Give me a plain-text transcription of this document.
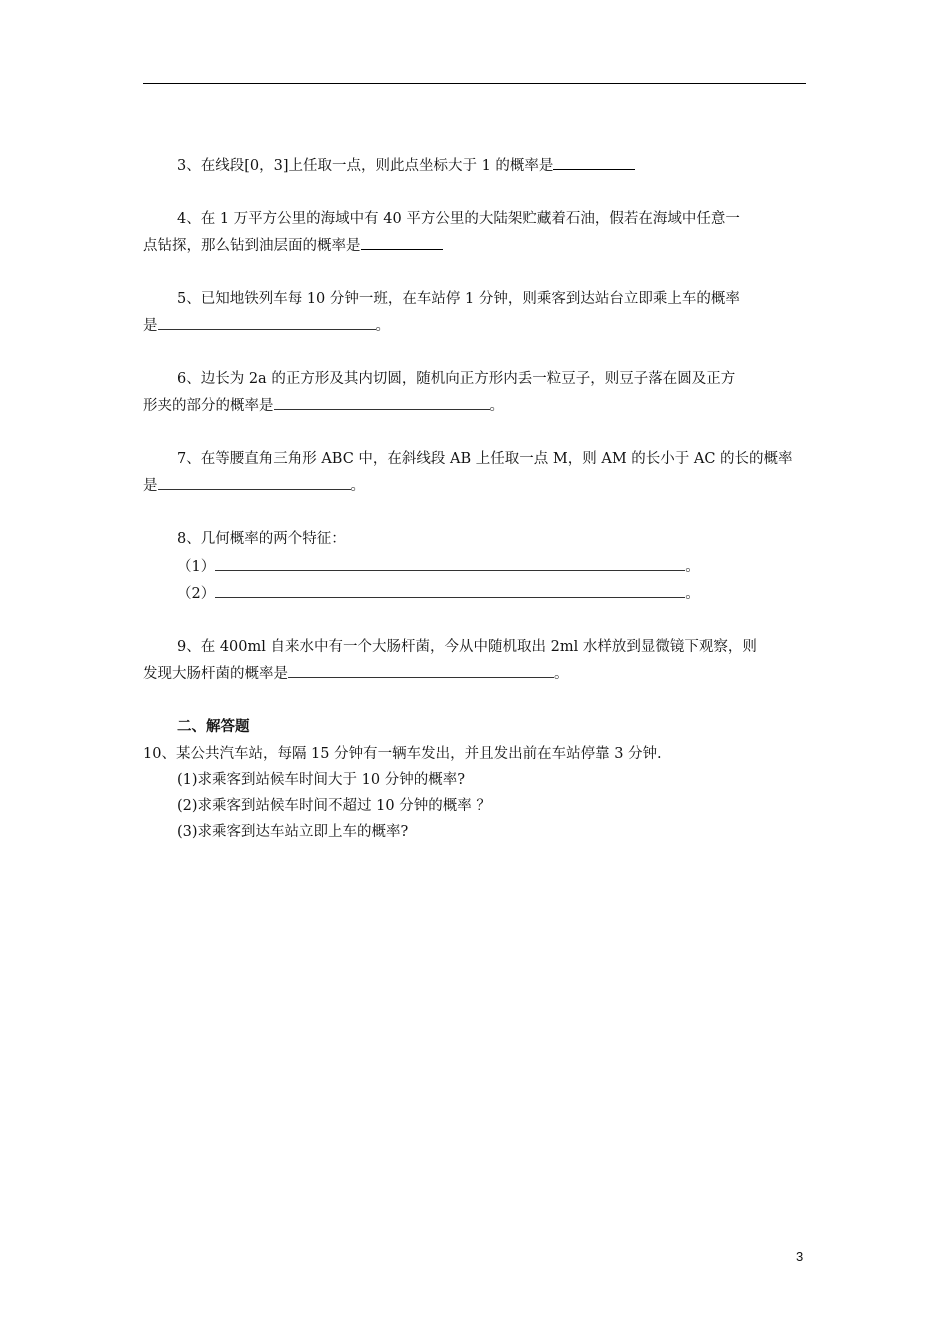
3、在线段[0，3]上任取一点，则此点坐标大于 1 的概率是
4、在 1 万平方公里的海域中有 40 平方公里的大陆架贮藏着石油，假若在海域中任意一
点钻探，那么钻到油层面的概率是
5、已知地铁列车每 10 分钟一班，在车站停 1 分钟，则乘客到达站台立即乘上车的概率
是	。
6、边长为 2a 的正方形及其内切圆，随机向正方形内丢一粒豆子，则豆子落在圆及正方
形夹的部分的概率是	。
7、在等腰直角三角形 ABC 中，在斜线段 AB 上任取一点 M，则 AM 的长小于 AC 的长的概率
是	。
8、几何概率的两个特征：
（1）	。
（2）	。
9、在 400ml 自来水中有一个大肠杆菌，今从中随机取出 2ml 水样放到显微镜下观察，则
发现大肠杆菌的概率是	。
二、解答题
10、某公共汽车站，每隔 15 分钟有一辆车发出，并且发出前在车站停靠 3 分钟.
(1)求乘客到站候车时间大于 10 分钟的概率?
(2)求乘客到站候车时间不超过 10 分钟的概率 ？
(3)求乘客到达车站立即上车的概率?
3
